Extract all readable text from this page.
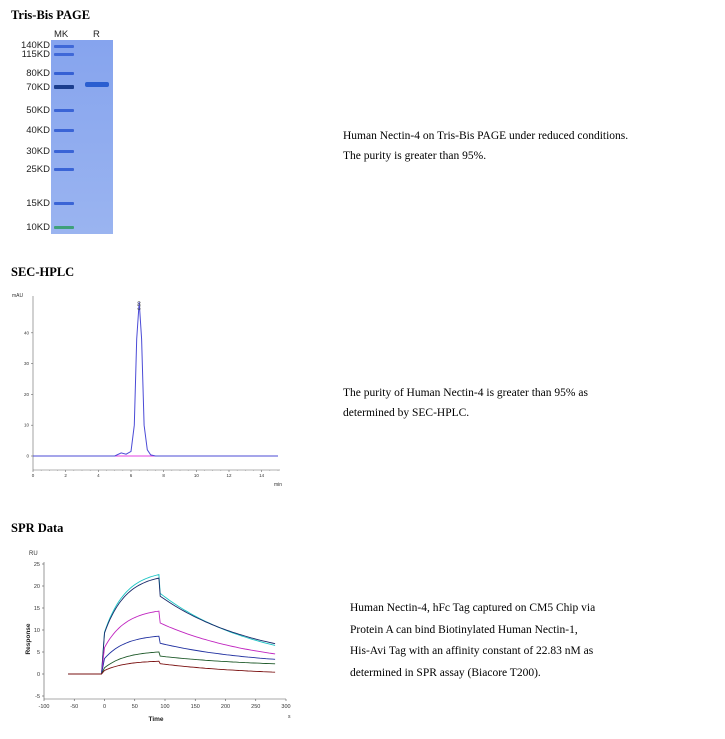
Tris-Bis PAGE
MK	R
140KD
115KD
80KD
70KD
50KD
40KD
30KD
25KD
15KD
10KD

Human Nectin-4 on Tris-Bis PAGE under reduced conditions.

The purity is greater than 95%.

SEC-HPLC
mAU
min
0
10
20
30
40
0	2	4	6	8	10	12	14
6.50

The purity of Human Nectin-4 is greater than 95% as

determined by SEC-HPLC.

SPR Data
RU
Response
Time	s
-5
0
5
10
15
20
25
-100	-50	0	50	100	150	200	250	300

Human Nectin-4, hFc Tag captured on CM5 Chip via

Protein A can bind Biotinylated Human Nectin-1,

His-Avi Tag with an affinity constant of 22.83 nM as

determined in SPR assay (Biacore T200).
